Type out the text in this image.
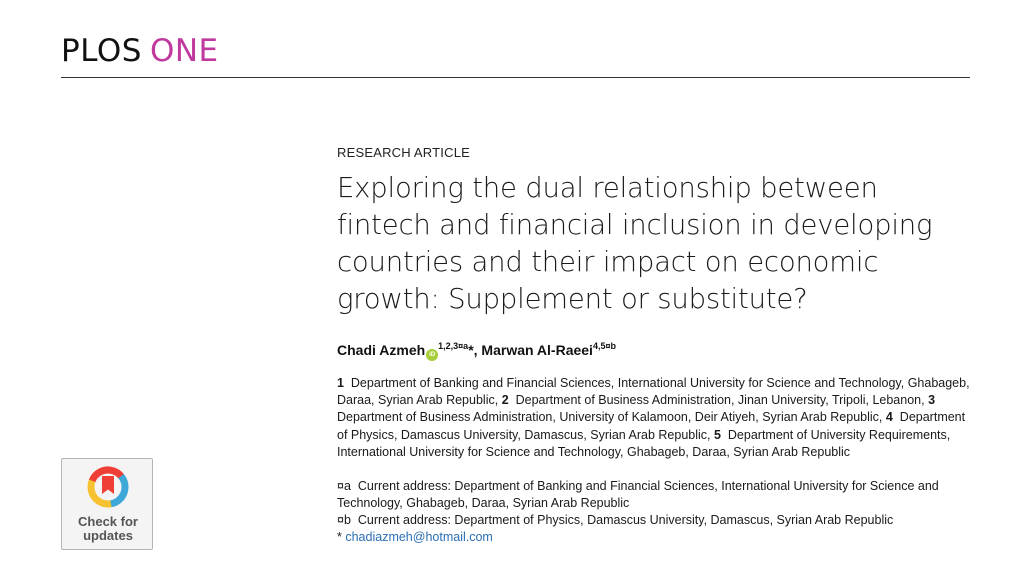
PLOS ONE
RESEARCH ARTICLE
Exploring the dual relationship between fintech and financial inclusion in developing countries and their impact on economic growth: Supplement or substitute?
Chadi Azmeh $iD^{1,2,3¤a}*$, Marwan Al-Raeei$^{4,5¤b}$

1 Department of Banking and Financial Sciences, International University for Science and Technology, Ghabageb, Daraa, Syrian Arab Republic, 2 Department of Business Administration, Jinan University, Tripoli, Lebanon, 3  Department of Business Administration, University of Kalamoon, Deir Atiyeh, Syrian Arab Republic, 4 Department of Physics, Damascus University, Damascus, Syrian Arab Republic, 5 Department of University Requirements, International University for Science and Technology, Ghabageb, Daraa, Syrian Arab Republic

¤a Current address: Department of Banking and Financial Sciences, International University for Science and Technology, Ghabageb, Daraa, Syrian Arab Republic
¤b Current address: Department of Physics, Damascus University, Damascus, Syrian Arab Republic
* chadiazmeh@hotmail.com
Check for
updates
